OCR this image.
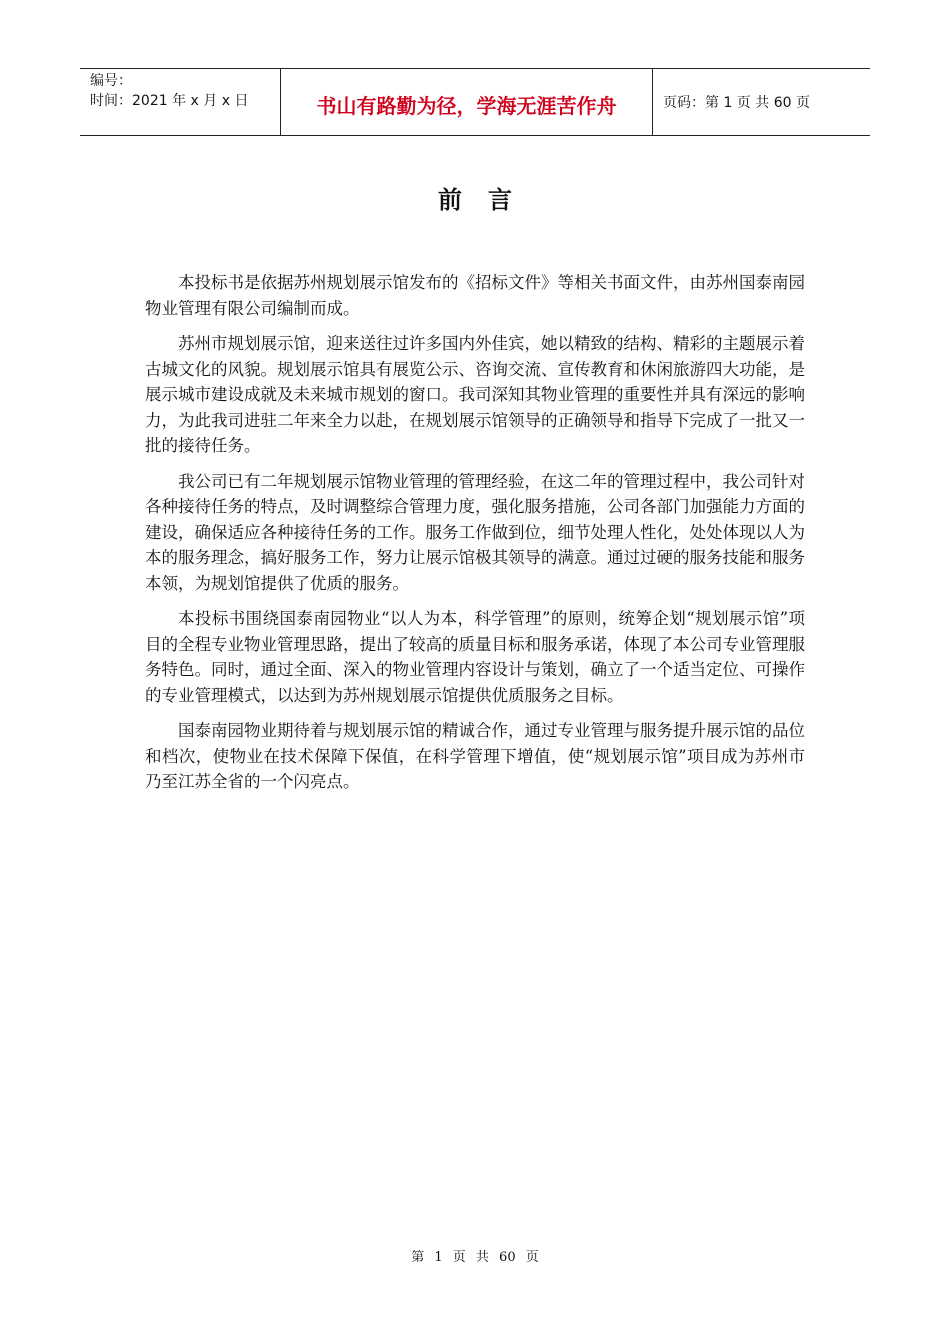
编号：
时间：2021 年 x 月 x 日	书山有路勤为径，学海无涯苦作舟	页码：第 1 页 共 60 页
前言

本投标书是依据苏州规划展示馆发布的《招标文件》等相关书面文件，由苏州国泰南园物业管理有限公司编制而成。

苏州市规划展示馆，迎来送往过许多国内外佳宾，她以精致的结构、精彩的主题展示着古城文化的风貌。规划展示馆具有展览公示、咨询交流、宣传教育和休闲旅游四大功能，是展示城市建设成就及未来城市规划的窗口。我司深知其物业管理的重要性并具有深远的影响力，为此我司进驻二年来全力以赴，在规划展示馆领导的正确领导和指导下完成了一批又一批的接待任务。

我公司已有二年规划展示馆物业管理的管理经验，在这二年的管理过程中，我公司针对各种接待任务的特点，及时调整综合管理力度，强化服务措施，公司各部门加强能力方面的建设，确保适应各种接待任务的工作。服务工作做到位，细节处理人性化，处处体现以人为本的服务理念，搞好服务工作，努力让展示馆极其领导的满意。通过过硬的服务技能和服务本领，为规划馆提供了优质的服务。

本投标书围绕国泰南园物业“以人为本，科学管理”的原则，统筹企划“规划展示馆”项目的全程专业物业管理思路，提出了较高的质量目标和服务承诺，体现了本公司专业管理服务特色。同时，通过全面、深入的物业管理内容设计与策划，确立了一个适当定位、可操作的专业管理模式，以达到为苏州规划展示馆提供优质服务之目标。

国泰南园物业期待着与规划展示馆的精诚合作，通过专业管理与服务提升展示馆的品位和档次，使物业在技术保障下保值，在科学管理下增值，使“规划展示馆”项目成为苏州市乃至江苏全省的一个闪亮点。

第 1 页 共 60 页
